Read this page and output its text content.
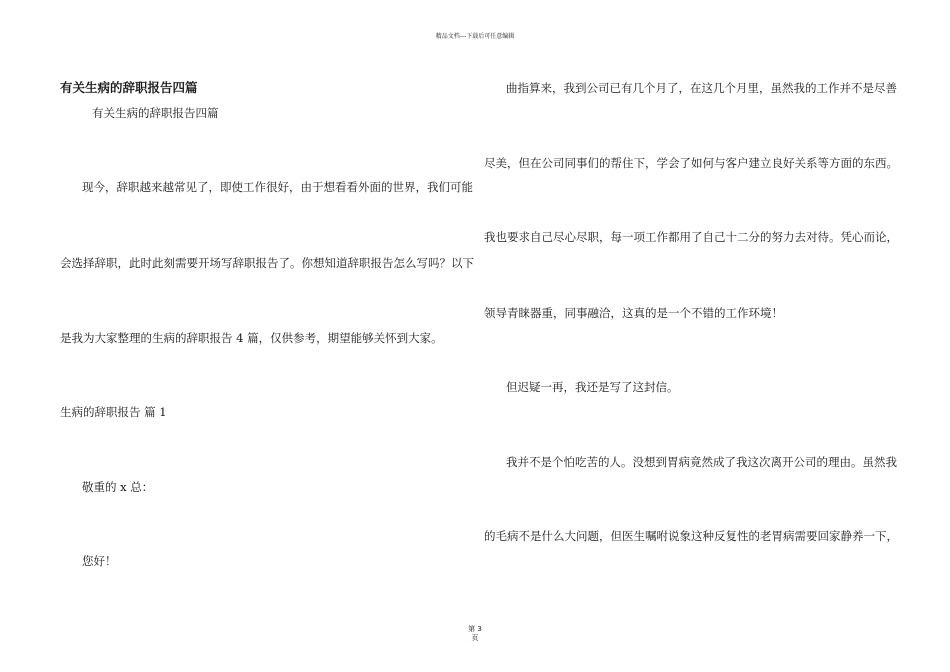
精品文档---下载后可任意编辑
有关生病的辞职报告四篇
有关生病的辞职报告四篇
现今，辞职越来越常见了，即使工作很好，由于想看看外面的世界，我们可能
会选择辞职，此时此刻需要开场写辞职报告了。你想知道辞职报告怎么写吗？以下
是我为大家整理的生病的辞职报告 4 篇，仅供参考，期望能够关怀到大家。
生病的辞职报告 篇 1
敬重的 x 总：
您好！
曲指算来，我到公司已有几个月了，在这几个月里，虽然我的工作并不是尽善
尽美，但在公司同事们的帮住下，学会了如何与客户建立良好关系等方面的东西。
我也要求自己尽心尽职，每一项工作都用了自己十二分的努力去对待。凭心而论，
领导青睐器重，同事融洽，这真的是一个不错的工作环境！
但迟疑一再，我还是写了这封信。
我并不是个怕吃苦的人。没想到胃病竟然成了我这次离开公司的理由。虽然我
的毛病不是什么大问题，但医生嘱咐说象这种反复性的老胃病需要回家静养一下，
第 3
页
